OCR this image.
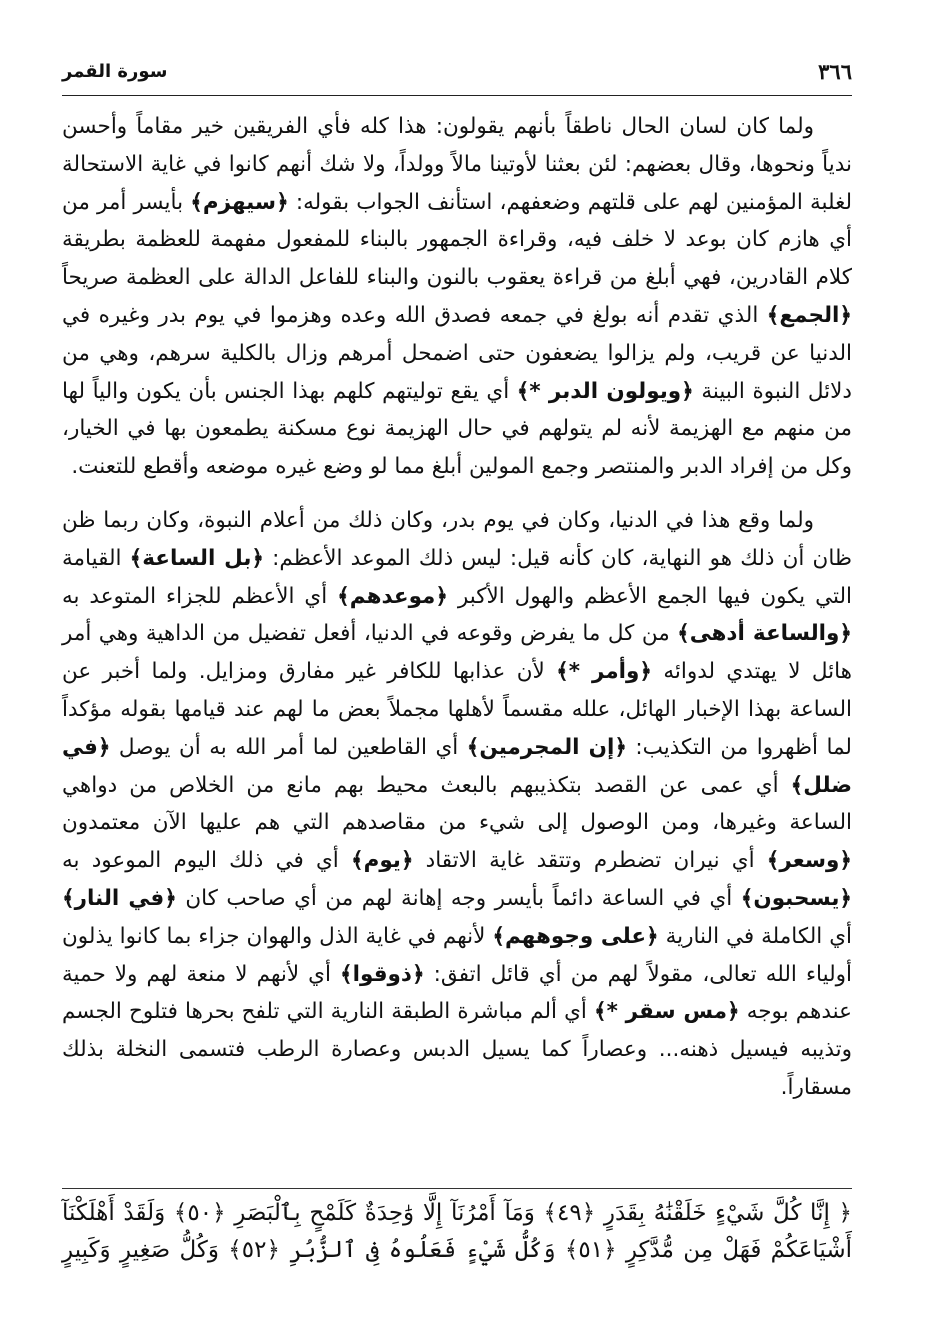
٣٦٦
سورة القمر

ولما كان لسان الحال ناطقاً بأنهم يقولون: هذا كله فأي الفريقين خير مقاماً وأحسن ندياً ونحوها، وقال بعضهم: لئن بعثنا لأوتينا مالاً وولداً، ولا شك أنهم كانوا في غاية الاستحالة لغلبة المؤمنين لهم على قلتهم وضعفهم، استأنف الجواب بقوله: ﴿سيهزم﴾ بأيسر أمر من أي هازم كان بوعد لا خلف فيه، وقراءة الجمهور بالبناء للمفعول مفهمة للعظمة بطريقة كلام القادرين، فهي أبلغ من قراءة يعقوب بالنون والبناء للفاعل الدالة على العظمة صريحاً ﴿الجمع﴾ الذي تقدم أنه بولغ في جمعه فصدق الله وعده وهزموا في يوم بدر وغيره في الدنيا عن قريب، ولم يزالوا يضعفون حتى اضمحل أمرهم وزال بالكلية سرهم، وهي من دلائل النبوة البينة ﴿ويولون الدبر *﴾ أي يقع توليتهم كلهم بهذا الجنس بأن يكون والياً لها من منهم مع الهزيمة لأنه لم يتولهم في حال الهزيمة نوع مسكنة يطمعون بها في الخيار، وكل من إفراد الدبر والمنتصر وجمع المولين أبلغ مما لو وضع غيره موضعه وأقطع للتعنت.

ولما وقع هذا في الدنيا، وكان في يوم بدر، وكان ذلك من أعلام النبوة، وكان ربما ظن ظان أن ذلك هو النهاية، كان كأنه قيل: ليس ذلك الموعد الأعظم: ﴿بل الساعة﴾ القيامة التي يكون فيها الجمع الأعظم والهول الأكبر ﴿موعدهم﴾ أي الأعظم للجزاء المتوعد به ﴿والساعة أدهى﴾ من كل ما يفرض وقوعه في الدنيا، أفعل تفضيل من الداهية وهي أمر هائل لا يهتدي لدوائه ﴿وأمر *﴾ لأن عذابها للكافر غير مفارق ومزايل. ولما أخبر عن الساعة بهذا الإخبار الهائل، علله مقسماً لأهلها مجملاً بعض ما لهم عند قيامها بقوله مؤكداً لما أظهروا من التكذيب: ﴿إن المجرمين﴾ أي القاطعين لما أمر الله به أن يوصل ﴿في ضلل﴾ أي عمى عن القصد بتكذيبهم بالبعث محيط بهم مانع من الخلاص من دواهي الساعة وغيرها، ومن الوصول إلى شيء من مقاصدهم التي هم عليها الآن معتمدون ﴿وسعر﴾ أي نيران تضطرم وتتقد غاية الاتقاد ﴿يوم﴾ أي في ذلك اليوم الموعود به ﴿يسحبون﴾ أي في الساعة دائماً بأيسر وجه إهانة لهم من أي صاحب كان ﴿في النار﴾ أي الكاملة في النارية ﴿على وجوههم﴾ لأنهم في غاية الذل والهوان جزاء بما كانوا يذلون أولياء الله تعالى، مقولاً لهم من أي قائل اتفق: ﴿ذوقوا﴾ أي لأنهم لا منعة لهم ولا حمية عندهم بوجه ﴿مس سقر *﴾ أي ألم مباشرة الطبقة النارية التي تلفح بحرها فتلوح الجسم وتذيبه فيسيل ذهنه... وعصاراً كما يسيل الدبس وعصارة الرطب فتسمى النخلة بذلك مسقاراً.

﴿ إِنَّا كُلَّ شَيْءٍ خَلَقْنَٰهُ بِقَدَرٍ ﴿٤٩﴾ وَمَآ أَمْرُنَآ إِلَّا وَٰحِدَةٌ كَلَمْحٍ بِٱلْبَصَرِ ﴿٥٠﴾ وَلَقَدْ أَهْلَكْنَآ

أَشْيَاعَكُمْ فَهَلْ مِن مُّدَّكِرٍ ﴿٥١﴾ وَكُلُّ شَيْءٍ فَعَلُوهُ فِى ٱلزُّبُرِ ﴿٥٢﴾ وَكُلُّ صَغِيرٍ وَكَبِيرٍ
